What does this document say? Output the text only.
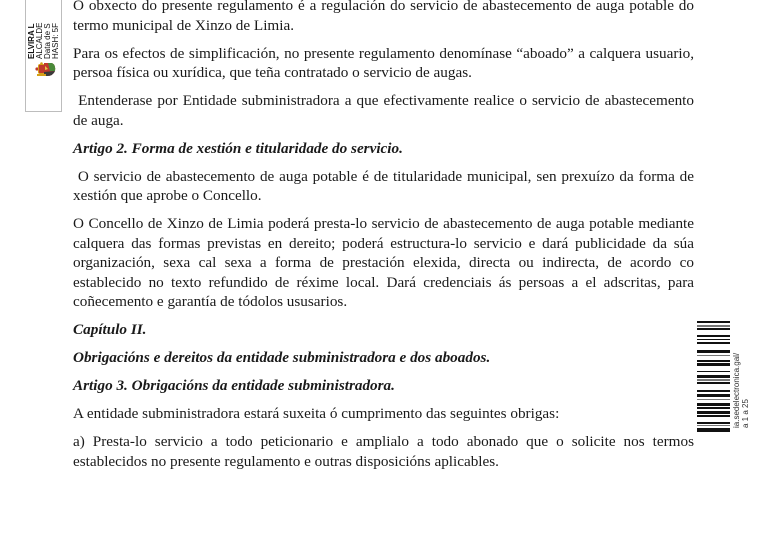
ELVIRA L ALCALDE Data de S HASH: 5F

O obxecto do presente regulamento é a regulación do servicio de abastecemento de auga potable do termo municipal de Xinzo de Limia.

Para os efectos de simplificación, no presente regulamento denomínase “aboado” a calquera usuario, persoa física ou xurídica, que teña contratado o servicio de augas.

Entenderase por Entidade subministradora a que efectivamente realice o servicio de abastecemento de auga.

Artigo 2. Forma de xestión e titularidade do servicio.

O servicio de abastecemento de auga potable é de titularidade municipal, sen prexuízo da forma de xestión que aprobe o Concello.

O Concello de Xinzo de Limia poderá presta-lo servicio de abastecemento de auga potable mediante calquera das formas previstas en dereito; poderá estructura-lo servicio e dará publicidade da súa organización, sexa cal sexa a forma de prestación elexida, directa ou indirecta, de acordo co establecido no texto refundido de réxime local. Dará credenciais ás persoas a el adscritas, para coñecemento e garantía de tódolos ususarios.

Capítulo II.

Obrigacións e dereitos da entidade subministradora e dos aboados.

Artigo 3. Obrigacións da entidade subministradora.

A entidade subministradora estará suxeita ó cumprimento das seguintes obrigas:

a) Presta-lo servicio a todo peticionario e amplialo a todo abonado que o solicite nos termos establecidos no presente regulamento e outras disposicións aplicables.

ia.sedelectronica.gal/ a 1 a 25
